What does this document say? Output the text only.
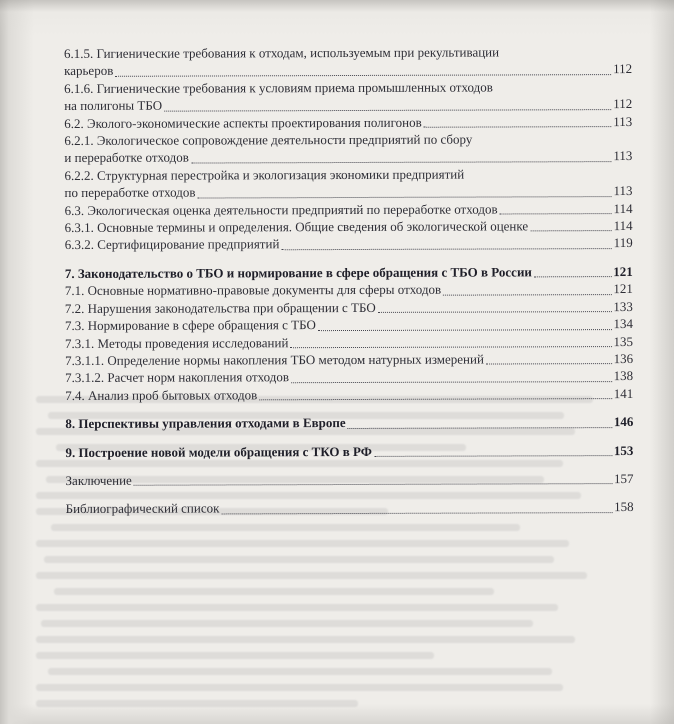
6.1.5. Гигиенические требования к отходам, используемым при рекультивации
карьеров	112
6.1.6. Гигиенические требования к условиям приема промышленных отходов
на полигоны ТБО	112
6.2. Эколого-экономические аспекты проектирования полигонов	113
6.2.1. Экологическое сопровождение деятельности предприятий по сбору
и переработке отходов	113
6.2.2. Структурная перестройка и экологизация экономики предприятий
по переработке отходов	113
6.3. Экологическая оценка деятельности предприятий по переработке отходов	114
6.3.1. Основные термины и определения. Общие сведения об экологической оценке	114
6.3.2. Сертифицирование предприятий	119
7. Законодательство о ТБО и нормирование в сфере обращения с ТБО в России	121
7.1. Основные нормативно-правовые документы для сферы отходов	121
7.2. Нарушения законодательства при обращении с ТБО	133
7.3. Нормирование в сфере обращения с ТБО	134
7.3.1. Методы проведения исследований	135
7.3.1.1. Определение нормы накопления ТБО методом натурных измерений	136
7.3.1.2. Расчет норм накопления отходов	138
7.4. Анализ проб бытовых отходов	141
8. Перспективы управления отходами в Европе	146
9. Построение новой модели обращения с ТКО в РФ	153
Заключение	157
Библиографический список	158
